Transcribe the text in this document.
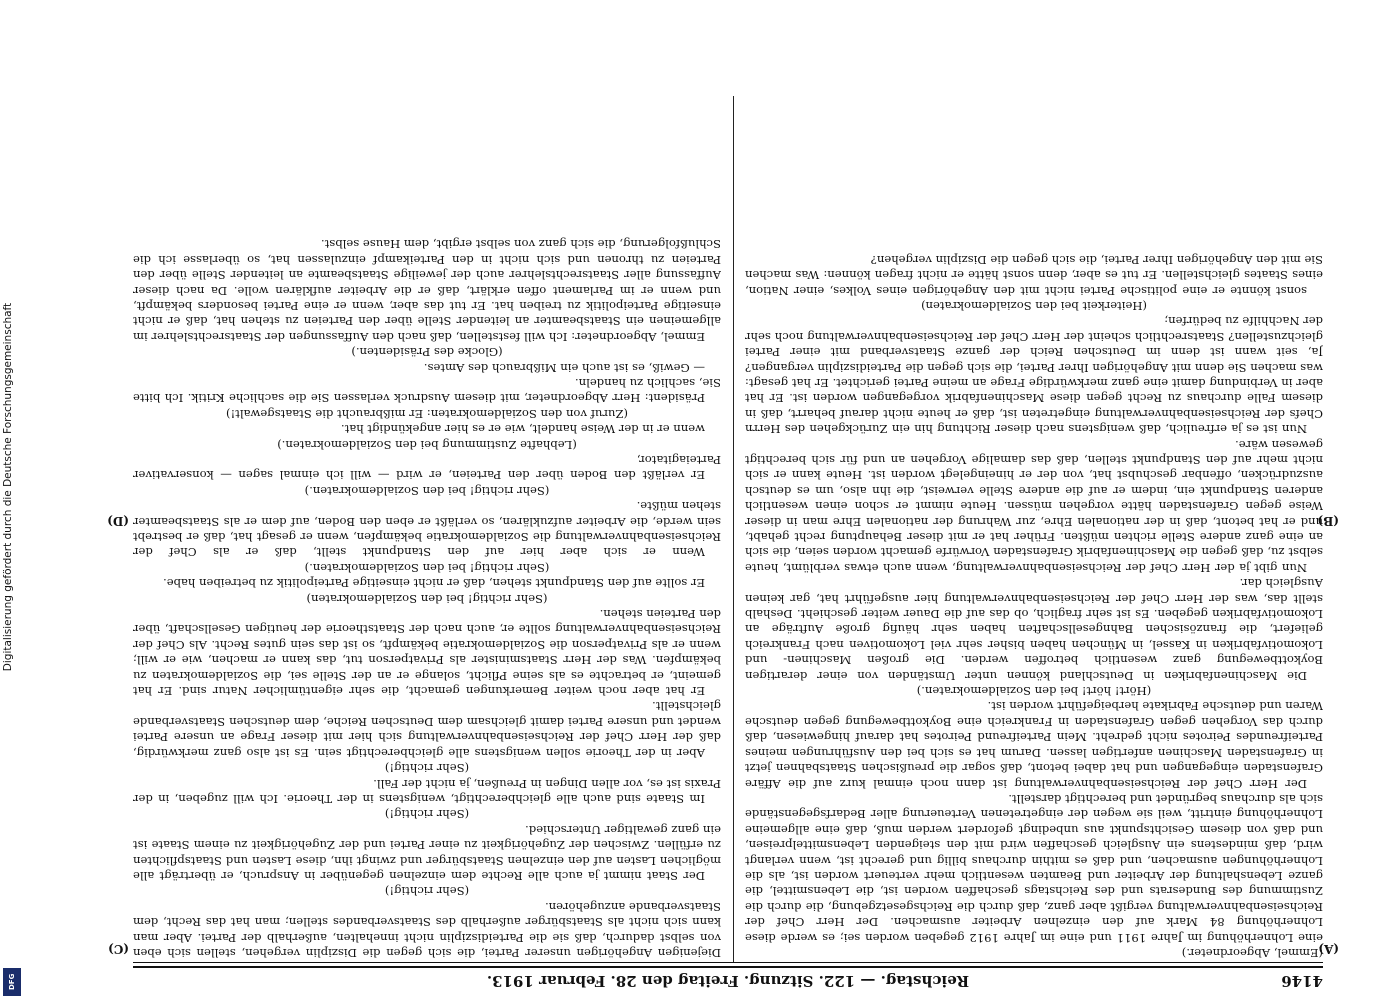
4146
Reichstag. — 122. Sitzung. Freitag den 28. Februar 1913.
(A)
(B)
(C)
(D)

(Emmel, Abgeordneter.)

eine Lohnerhöhung im Jahre 1911 und eine im Jahre 1912 gegeben worden sei; es werde diese Lohnerhöhung 84 Mark auf den einzelnen Arbeiter ausmachen. Der Herr Chef der Reichseisenbahnverwaltung vergißt aber ganz, daß durch die Reichsgesetzgebung, die durch die Zustimmung des Bundesrats und des Reichstags geschaffen worden ist, die Lebensmittel, die ganze Lebenshaltung der Arbeiter und Beamten wesentlich mehr verteuert worden ist, als die Lohnerhöhungen ausmachen, und daß es mithin durchaus billig und gerecht ist, wenn verlangt wird, daß mindestens ein Ausgleich geschaffen wird mit den steigenden Lebensmittelpreisen, und daß von diesem Gesichtspunkt aus unbedingt gefordert werden muß, daß eine allgemeine Lohnerhöhung eintritt, weil sie wegen der eingetretenen Verteuerung aller Bedarfsgegenstände sich als durchaus begründet und berechtigt darstellt.

Der Herr Chef der Reichseisenbahnverwaltung ist dann noch einmal kurz auf die Affäre Grafenstaden eingegangen und hat dabei betont, daß sogar die preußischen Staatsbahnen jetzt in Grafenstaden Maschinen anfertigen lassen. Darum hat es sich bei den Ausführungen meines Parteifreundes Peirotes nicht gedreht. Mein Parteifreund Peirotes hat darauf hingewiesen, daß durch das Vorgehen gegen Grafenstaden in Frankreich eine Boykottbewegung gegen deutsche Waren und deutsche Fabrikate herbeigeführt worden ist.

(Hört! hört! bei den Sozialdemokraten.)

Die Maschinenfabriken in Deutschland können unter Umständen von einer derartigen Boykottbewegung ganz wesentlich betroffen werden. Die großen Maschinen- und Lokomotivfabriken in Kassel, in München haben bisher sehr viel Lokomotiven nach Frankreich geliefert, die französischen Bahngesellschaften haben sehr häufig große Aufträge an Lokomotivfabriken gegeben. Es ist sehr fraglich, ob das auf die Dauer weiter geschieht. Deshalb stellt das, was der Herr Chef der Reichseisenbahnverwaltung hier ausgeführt hat, gar keinen Ausgleich dar.

Nun gibt ja der Herr Chef der Reichseisenbahnverwaltung, wenn auch etwas verblümt, heute selbst zu, daß gegen die Maschinenfabrik Grafenstaden Vorwürfe gemacht worden seien, die sich an eine ganz andere Stelle richten müßten. Früher hat er mit dieser Behauptung recht gehabt, und er hat betont, daß in der nationalen Ehre, zur Wahrung der nationalen Ehre man in dieser Weise gegen Grafenstaden hätte vorgehen müssen. Heute nimmt er schon einen wesentlich anderen Standpunkt ein, indem er auf die andere Stelle verweist, die ihn also, um es deutsch auszudrücken, offenbar geschubst hat, von der er hineingelegt worden ist. Heute kann er sich nicht mehr auf den Standpunkt stellen, daß das damalige Vorgehen an und für sich berechtigt gewesen wäre.

Nun ist es ja erfreulich, daß wenigstens nach dieser Richtung hin ein Zurückgehen des Herrn Chefs der Reichseisenbahnverwaltung eingetreten ist, daß er heute nicht darauf beharrt, daß in diesem Falle durchaus zu Recht gegen diese Maschinenfabrik vorgegangen worden ist. Er hat aber in Verbindung damit eine ganz merkwürdige Frage an meine Partei gerichtet. Er hat gesagt: was machen Sie denn mit Angehörigen Ihrer Partei, die sich gegen die Parteidisziplin vergangen? Ja, seit wann ist denn im Deutschen Reich der ganze Staatsverband mit einer Partei gleichzustellen? Staatsrechtlich scheint der Herr Chef der Reichseisenbahnverwaltung noch sehr der Nachhilfe zu bedürfen;

(Heiterkeit bei den Sozialdemokraten)

sonst könnte er eine politische Partei nicht mit den Angehörigen eines Volkes, einer Nation, eines Staates gleichstellen. Er tut es aber, denn sonst hätte er nicht fragen können: Was machen Sie mit den Angehörigen Ihrer Partei, die sich gegen die Disziplin vergehen?

Diejenigen Angehörigen unserer Partei, die sich gegen die Disziplin vergehen, stellen sich eben von selbst dadurch, daß sie die Parteidisziplin nicht innehalten, außerhalb der Partei. Aber man kann sich nicht als Staatsbürger außerhalb des Staatsverbandes stellen; man hat das Recht, dem Staatsverbande anzugehören.

(Sehr richtig!)

Der Staat nimmt ja auch alle Rechte dem einzelnen gegenüber in Anspruch, er überträgt alle möglichen Lasten auf den einzelnen Staatsbürger und zwingt ihn, diese Lasten und Staatspflichten zu erfüllen. Zwischen der Zugehörigkeit zu einer Partei und der Zugehörigkeit zu einem Staate ist ein ganz gewaltiger Unterschied.

(Sehr richtig!)

Im Staate sind auch alle gleichberechtigt, wenigstens in der Theorie. Ich will zugeben, in der Praxis ist es, vor allen Dingen in Preußen, ja nicht der Fall.

(Sehr richtig!)

Aber in der Theorie sollen wenigstens alle gleichberechtigt sein. Es ist also ganz merkwürdig, daß der Herr Chef der Reichseisenbahnverwaltung sich hier mit dieser Frage an unsere Partei wendet und unsere Partei damit gleichsam dem Deutschen Reiche, dem deutschen Staatsverbande gleichstellt.

Er hat aber noch weiter Bemerkungen gemacht, die sehr eigentümlicher Natur sind. Er hat gemeint, er betrachte es als seine Pflicht, solange er an der Stelle sei, die Sozialdemokraten zu bekämpfen. Was der Herr Staatsminister als Privatperson tut, das kann er machen, wie er will; wenn er als Privatperson die Sozialdemokratie bekämpft, so ist das sein gutes Recht. Als Chef der Reichseisenbahnverwaltung sollte er, auch nach der Staatstheorie der heutigen Gesellschaft, über den Parteien stehen.

(Sehr richtig! bei den Sozialdemokraten)

Er sollte auf den Standpunkt stehen, daß er nicht einseitige Parteipolitik zu betreiben habe.

(Sehr richtig! bei den Sozialdemokraten.)

Wenn er sich aber hier auf den Standpunkt stellt, daß er als Chef der Reichseisenbahnverwaltung die Sozialdemokratie bekämpfen, wenn er gesagt hat, daß er bestrebt sein werde, die Arbeiter aufzuklären, so verläßt er eben den Boden, auf dem er als Staatsbeamter stehen müßte.

(Sehr richtig! bei den Sozialdemokraten.)

Er verläßt den Boden über den Parteien, er wird — will ich einmal sagen — konservativer Parteiagitator,

(Lebhafte Zustimmung bei den Sozialdemokraten.)

wenn er in der Weise handelt, wie er es hier angekündigt hat.

(Zuruf von den Sozialdemokraten: Er mißbraucht die Staatsgewalt!)

Präsident: Herr Abgeordneter, mit diesem Ausdruck verlassen Sie die sachliche Kritik. Ich bitte Sie, sachlich zu handeln.

— Gewiß, es ist auch ein Mißbrauch des Amtes.

(Glocke des Präsidenten.)

Emmel, Abgeordneter: Ich will feststellen, daß nach den Auffassungen der Staatsrechtslehrer im allgemeinen ein Staatsbeamter an leitender Stelle über den Parteien zu stehen hat, daß er nicht einseitige Parteipolitik zu treiben hat. Er tut das aber, wenn er eine Partei besonders bekämpft, und wenn er im Parlament offen erklärt, daß er die Arbeiter aufklären wolle. Da nach dieser Auffassung aller Staatsrechtslehrer auch der jeweilige Staatsbeamte an leitender Stelle über den Parteien zu thronen und sich nicht in den Parteikampf einzulassen hat, so überlasse ich die Schlußfolgerung, die sich ganz von selbst ergibt, dem Hause selbst.

Digitalisierung gefördert durch die Deutsche Forschungsgemeinschaft
DFG
